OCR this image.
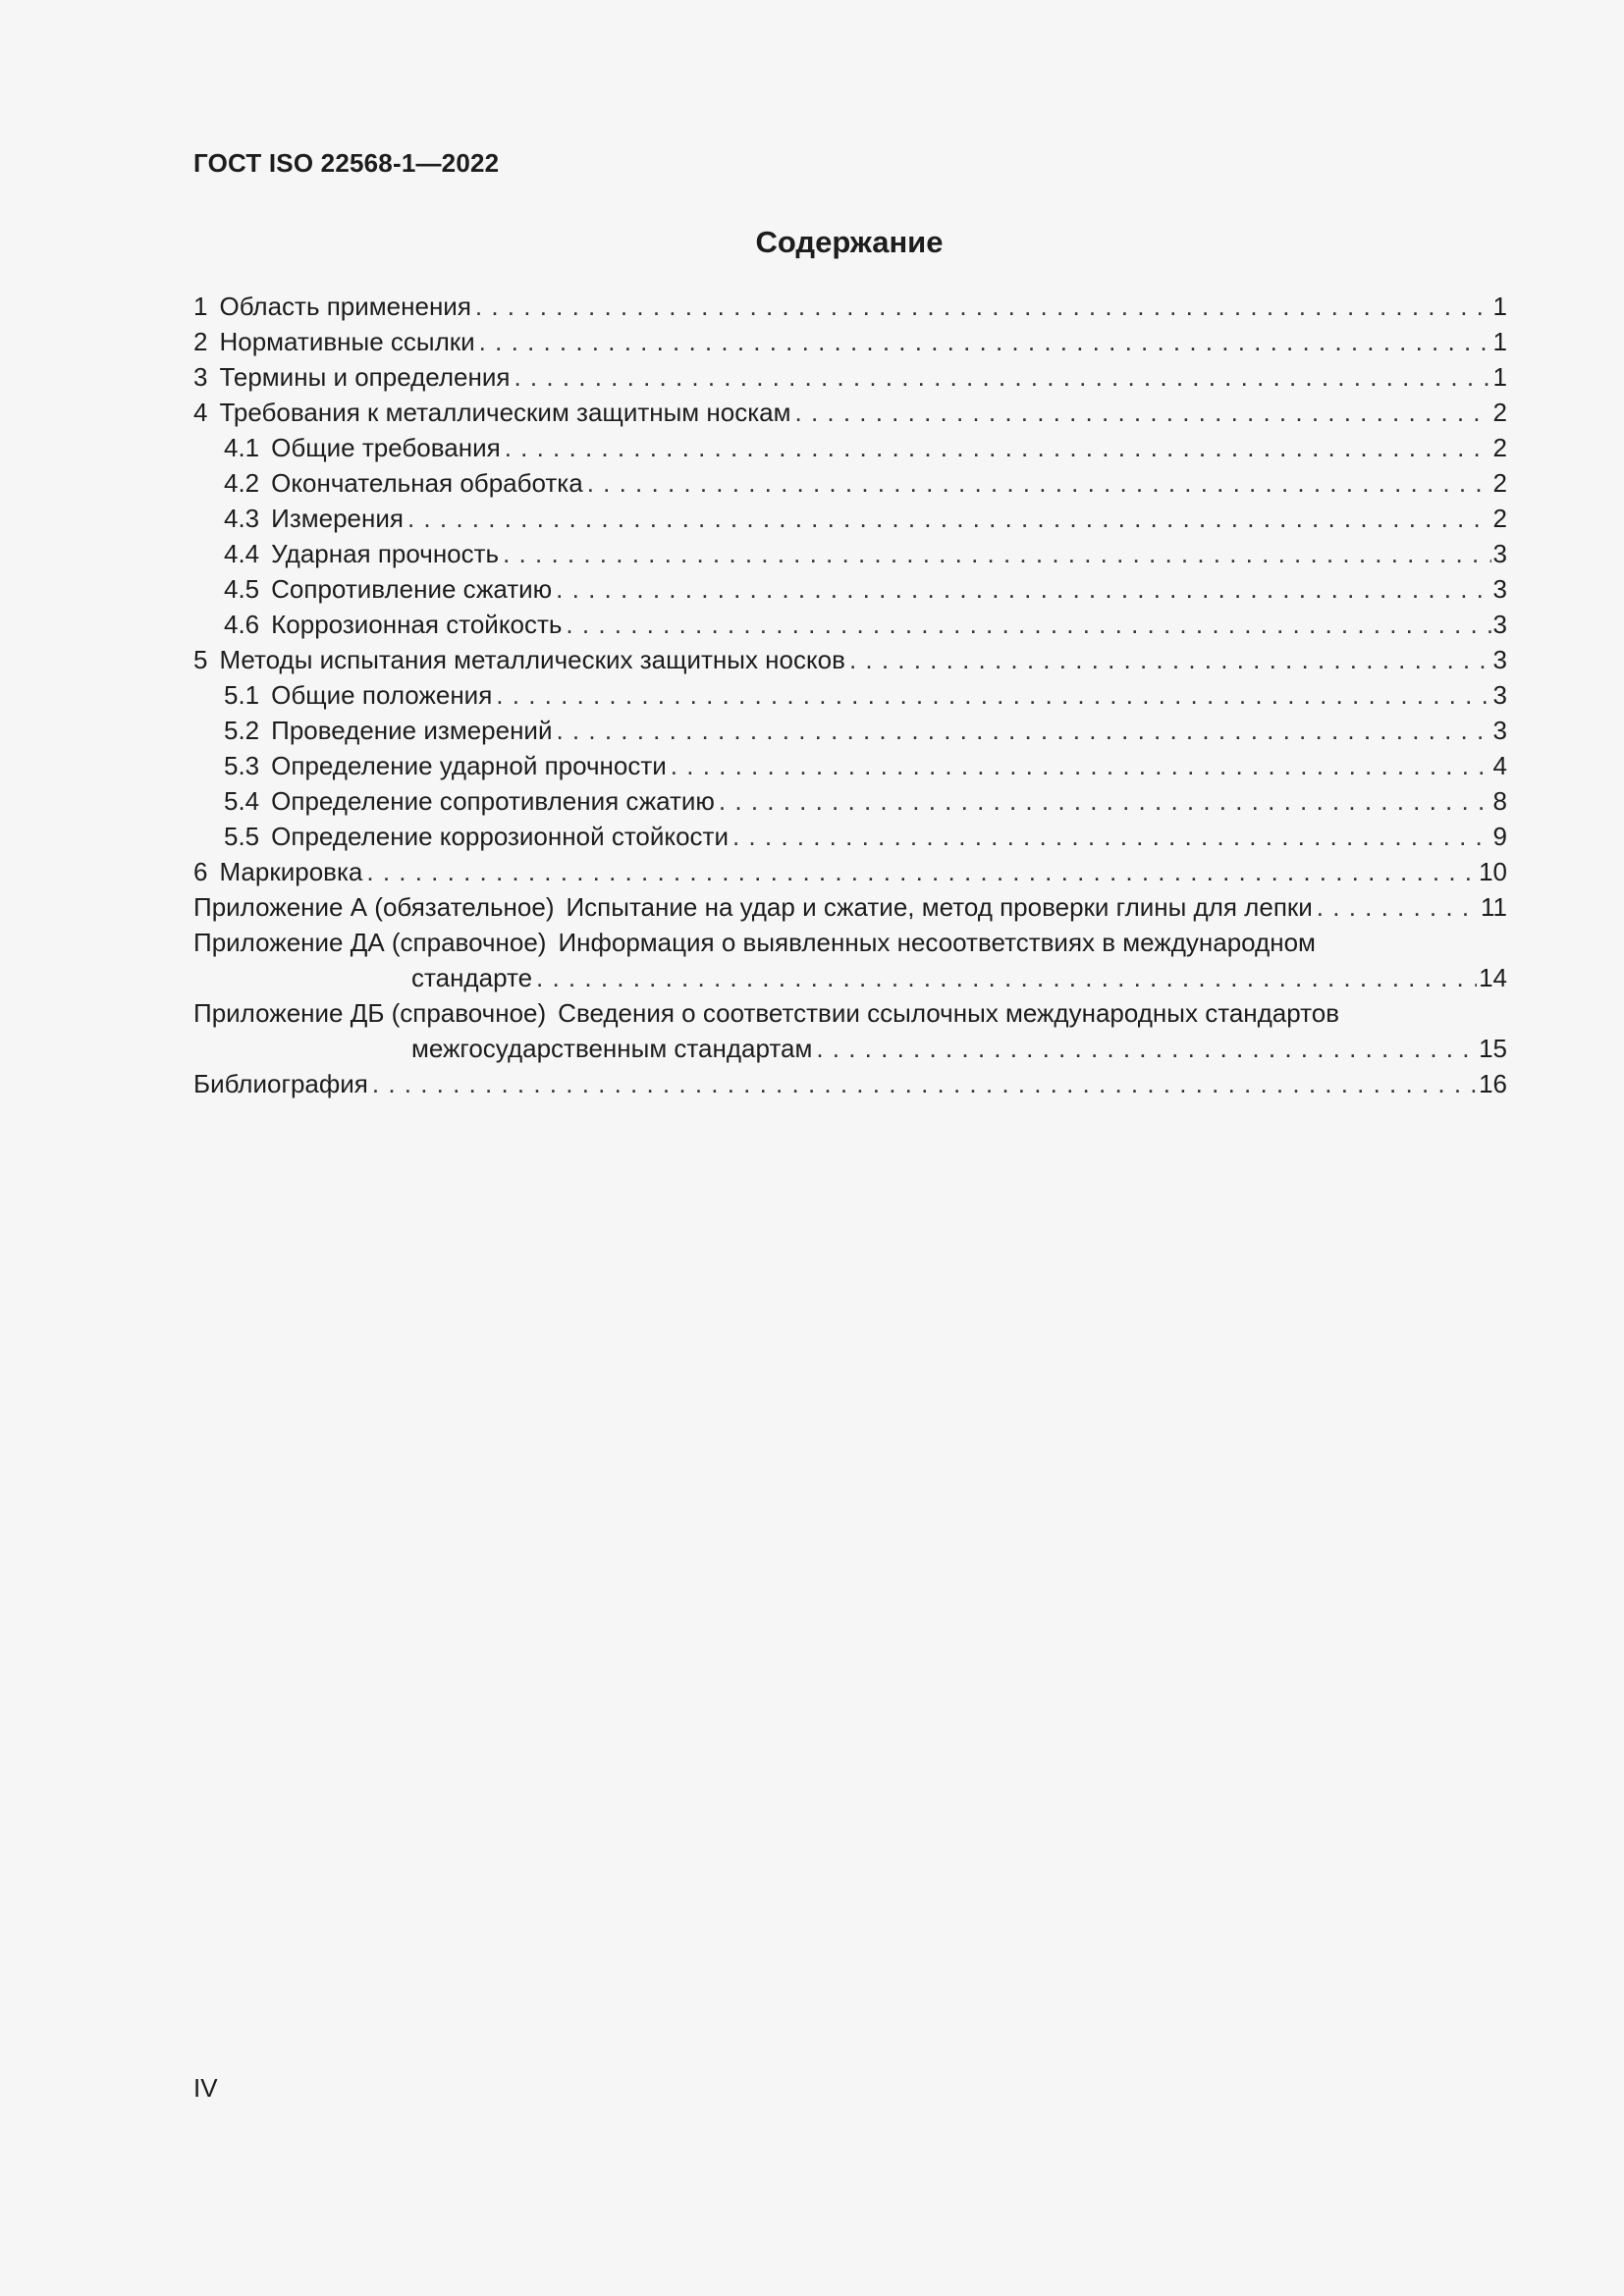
ГОСТ ISO 22568-1—2022
Содержание
1 Область применения . . .	1
2 Нормативные ссылки . . .	1
3 Термины и определения . . .	1
4 Требования к металлическим защитным носкам . . .	2
4.1 Общие требования . . .	2
4.2 Окончательная обработка . . .	2
4.3 Измерения . . .	2
4.4 Ударная прочность . . .	3
4.5 Сопротивление сжатию . . .	3
4.6 Коррозионная стойкость . . .	3
5 Методы испытания металлических защитных носков . . .	3
5.1 Общие положения . . .	3
5.2 Проведение измерений . . .	3
5.3 Определение ударной прочности . . .	4
5.4 Определение сопротивления сжатию . . .	8
5.5 Определение коррозионной стойкости . . .	9
6 Маркировка . . .	10
Приложение А (обязательное) Испытание на удар и сжатие, метод проверки глины для лепки . . .	11
Приложение ДА (справочное) Информация о выявленных несоответствиях в международном
стандарте . . .	14
Приложение ДБ (справочное) Сведения о соответствии ссылочных международных стандартов
межгосударственным стандартам . . .	15
Библиография . . .	16
IV
